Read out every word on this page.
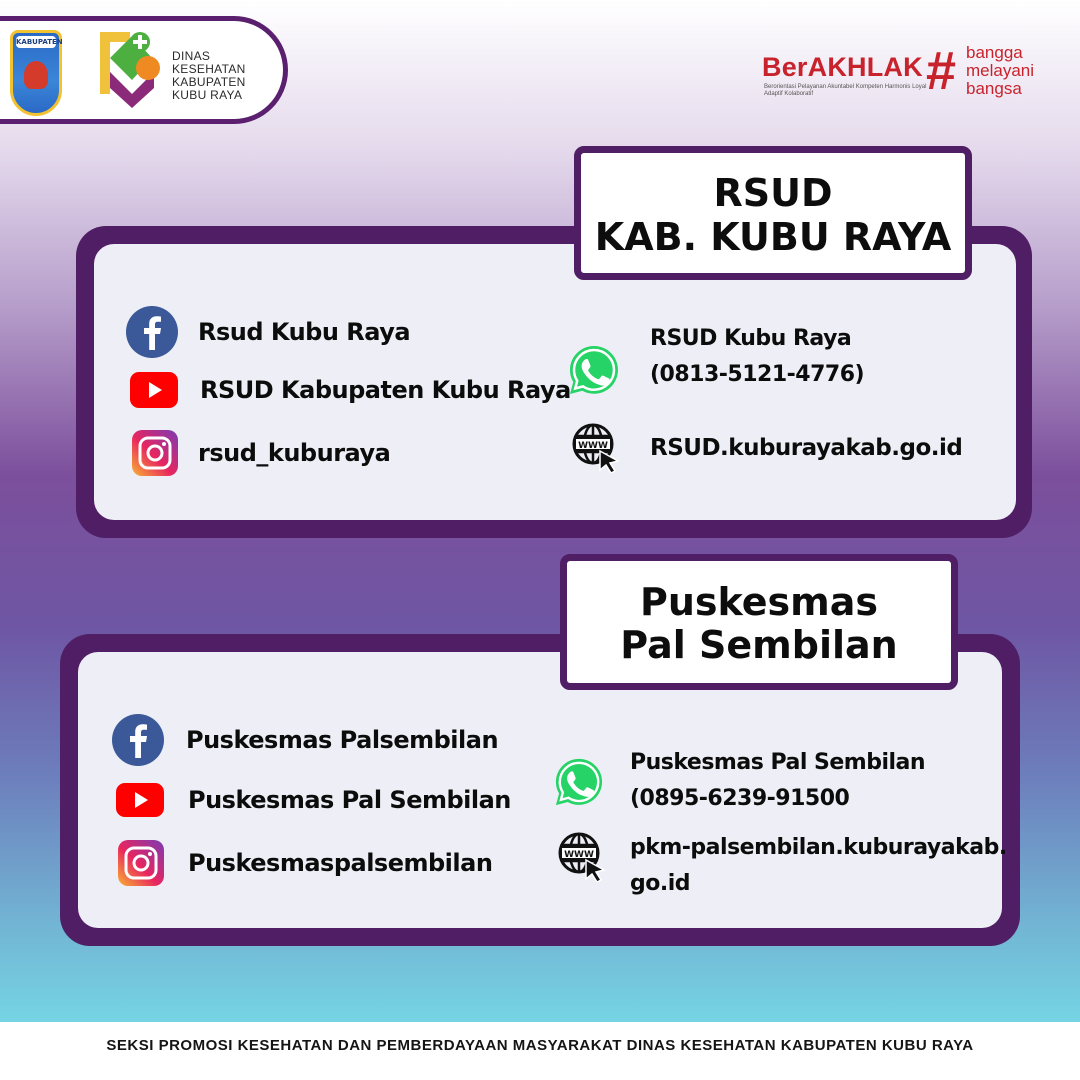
KABUPATEN
DINAS
KESEHATAN
KABUPATEN
KUBU RAYA
BerAKHLAK
Berorientasi Pelayanan Akuntabel Kompeten Harmonis Loyal Adaptif Kolaboratif	# bangga
melayani
bangsa
RSUD
KAB. KUBU RAYA
Rsud Kubu Raya
RSUD Kabupaten Kubu Raya
rsud_kuburaya
RSUD Kubu Raya
(0813-5121-4776)
WWW RSUD.kuburayakab.go.id
Puskesmas
Pal Sembilan
Puskesmas Palsembilan
Puskesmas Pal Sembilan
Puskesmaspalsembilan
Puskesmas Pal Sembilan
(0895-6239-91500
WWW pkm-palsembilan.kuburayakab.
go.id
SEKSI PROMOSI KESEHATAN DAN PEMBERDAYAAN MASYARAKAT DINAS KESEHATAN KABUPATEN KUBU RAYA
